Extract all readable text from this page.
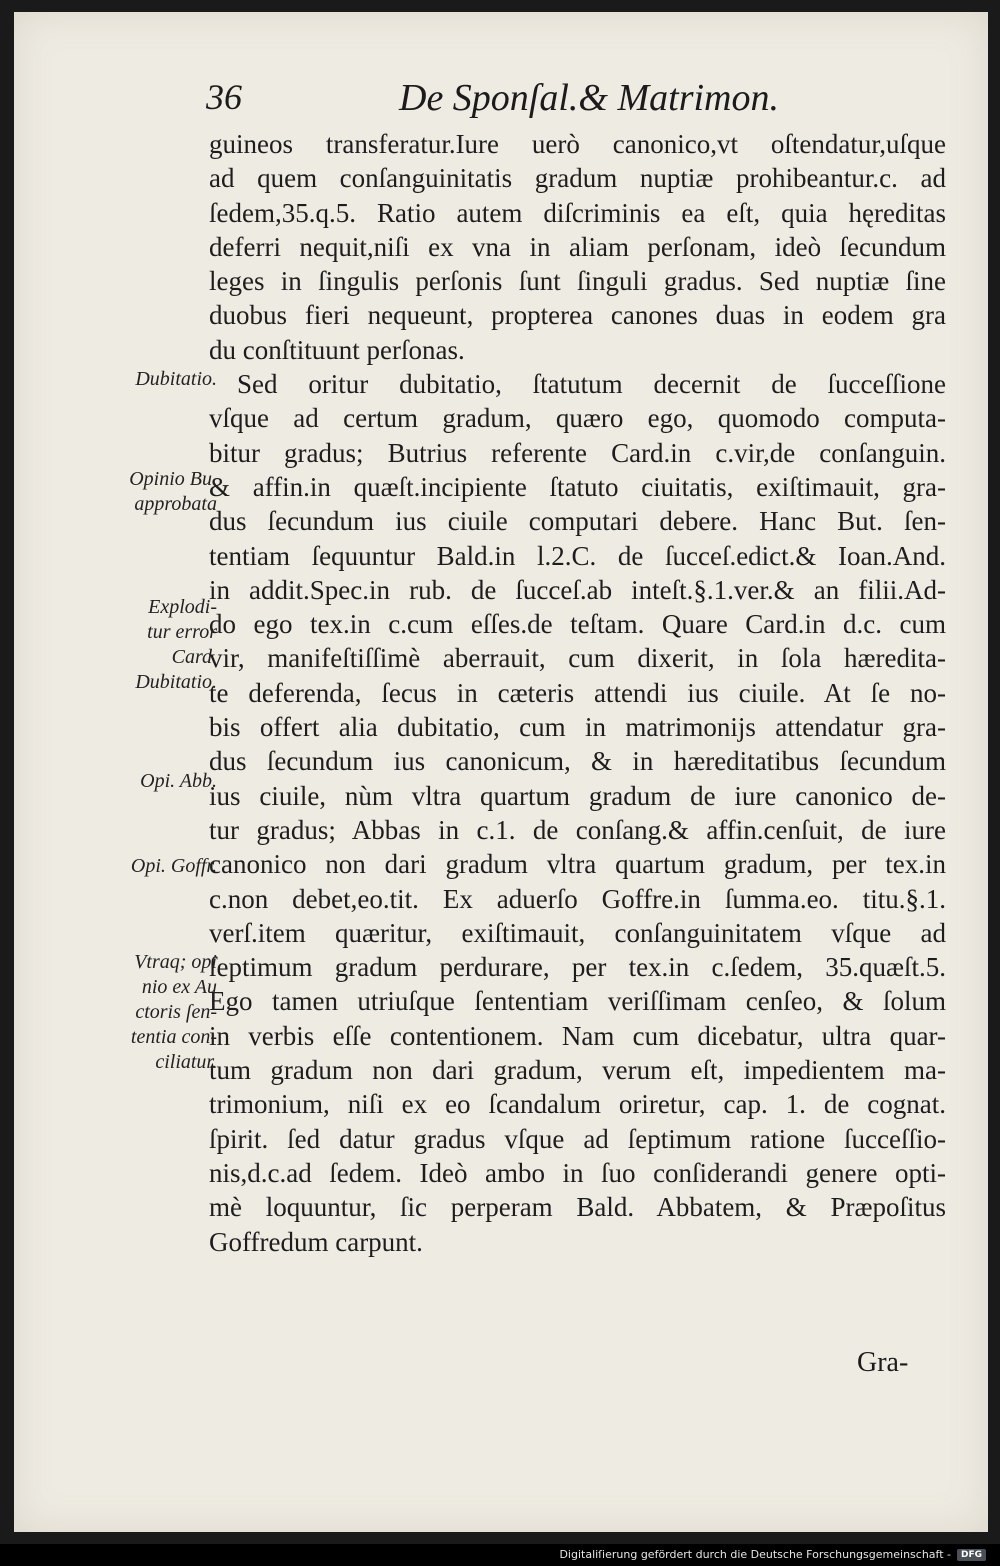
36	De Sponſal.& Matrimon.
guineos transferatur.Iure uerò canonico,vt oſtendatur,uſque
ad quem conſanguinitatis gradum nuptiæ prohibeantur.c. ad
ſedem,35.q.5. Ratio autem diſcriminis ea eſt, quia hęreditas
deferri nequit,niſi ex vna in aliam perſonam, ideò ſecundum
leges in ſingulis perſonis ſunt ſinguli gradus. Sed nuptiæ ſine
duobus fieri nequeunt, propterea canones duas in eodem gra
du conſtituunt perſonas.
Sed oritur dubitatio, ſtatutum decernit de ſucceſſione
vſque ad certum gradum, quæro ego, quomodo computa-
bitur gradus; Butrius referente Card.in c.vir,de conſanguin.
& affin.in quæſt.incipiente ſtatuto ciuitatis, exiſtimauit, gra-
dus ſecundum ius ciuile computari debere. Hanc But. ſen-
tentiam ſequuntur Bald.in l.2.C. de ſucceſ.edict.& Ioan.And.
in addit.Spec.in rub. de ſucceſ.ab inteſt.§.1.ver.& an filii.Ad-
do ego tex.in c.cum eſſes.de teſtam. Quare Card.in d.c. cum
vir, manifeſtiſſimè aberrauit, cum dixerit, in ſola hæredita-
te deferenda, ſecus in cæteris attendi ius ciuile. At ſe no-
bis offert alia dubitatio, cum in matrimonijs attendatur gra-
dus ſecundum ius canonicum, & in hæreditatibus ſecundum
ius ciuile, nùm vltra quartum gradum de iure canonico de-
tur gradus; Abbas in c.1. de conſang.& affin.cenſuit, de iure
canonico non dari gradum vltra quartum gradum, per tex.in
c.non debet,eo.tit. Ex aduerſo Goffre.in ſumma.eo. titu.§.1.
verſ.item quæritur, exiſtimauit, conſanguinitatem vſque ad
ſeptimum gradum perdurare, per tex.in c.ſedem, 35.quæſt.5.
Ego tamen utriuſque ſententiam veriſſimam cenſeo, & ſolum
in verbis eſſe contentionem. Nam cum dicebatur, ultra quar-
tum gradum non dari gradum, verum eſt, impedientem ma-
trimonium, niſi ex eo ſcandalum oriretur, cap. 1. de cognat.
ſpirit. ſed datur gradus vſque ad ſeptimum ratione ſucceſſio-
nis,d.c.ad ſedem. Ideò ambo in ſuo conſiderandi genere opti-
mè loquuntur, ſic perperam Bald. Abbatem, & Præpoſitus
Goffredum carpunt.
Dubitatio.
Opinio Bu.
approbata
Explodi-
tur error
Card.
Dubitatio.
Opi. Abb.
Opi. Goffr.
Vtraq; opi
nio ex Au
ctoris ſen-
tentia con-
ciliatur.
Gra-
Digitaliſierung gefördert durch die Deutsche Forschungsgemeinschaft -	DFG
